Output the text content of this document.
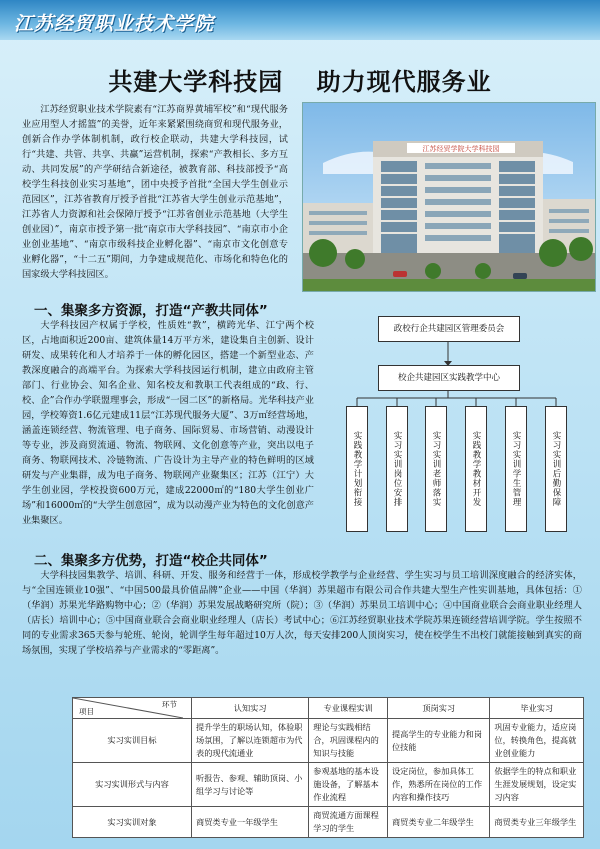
江苏经贸职业技术学院
共建大学科技园 助力现代服务业
江苏经贸职业技术学院素有“江苏商界黄埔军校”和“现代服务业应用型人才摇篮”的美誉，近年来紧紧围绕商贸和现代服务业，创新合作办学体制机制，政行校企联动，共建大学科技园，试行“共建、共管、共享、共赢”运营机制，探索“产教相长、多方互动、共同发展”的产学研结合新途径，被教育部、科技部授予“高校学生科技创业实习基地”，团中央授予首批“全国大学生创业示范园区”，江苏省教育厅授予首批“江苏省大学生创业示范基地”，江苏省人力资源和社会保障厅授予“江苏省创业示范基地（大学生创业园）”，南京市授予第一批“南京市大学科技园”、“南京市小企业创业基地”、“南京市级科技企业孵化器”、“南京市文化创意专业孵化器”，“十二五”期间，力争建成规范化、市场化和特色化的国家级大学科技园区。
江苏经贸学院大学科技园
一、集聚多方资源，打造“产教共同体”
大学科技园产权属于学校，性质姓“教”，横跨光华、江宁两个校区，占地面积近200亩、建筑体量14万平方米，建设集自主创新、设计研发、成果转化和人才培养于一体的孵化园区，搭建一个新型业态、产教深度融合的高端平台。为探索大学科技园运行机制，建立由政府主管部门、行业协会、知名企业、知名校友和教职工代表组成的“政、行、校、企”合作办学联盟理事会，形成“一园二区”的新格局。光华科技产业园，学校筹资1.6亿元建成11层“江苏现代服务大厦”、3万㎡经营场地，涵盖连锁经营、物流管理、电子商务、国际贸易、市场营销、动漫设计等专业，涉及商贸流通、物流、物联网、文化创意等产业，突出以电子商务、物联网技术、冷链物流、广告设计为主导产业的特色鲜明的区域研发与产业集群，成为电子商务、物联网产业聚集区；江苏（江宁）大学生创业园，学校投资600万元，建成22000㎡的“180大学生创业广场”和16000㎡的“大学生创意园”，成为以动漫产业为特色的文化创意产业集聚区。
政校行企共建园区管理委员会
校企共建园区实践教学中心
实践教学计划衔接	实习实训岗位安排	实习实训老师落实	实践教学教材开发	实习实训学生管理	实习实训后勤保障
二、集聚多方优势，打造“校企共同体”
大学科技园集教学、培训、科研、开发、服务和经营于一体，形成校学教学与企业经营、学生实习与员工培训深度融合的经济实体，与“全国连锁业10强”、“中国500最具价值品牌”企业——中国（华润）苏果超市有限公司合作共建大型生产性实训基地，具体包括：①（华润）苏果光华路购物中心；②（华润）苏果发展战略研究所（院）；③（华润）苏果员工培训中心；④中国商业联合会商业职业经理人（店长）培训中心；⑤中国商业联合会商业职业经理人（店长）考试中心；⑥江苏经贸职业技术学院苏果连锁经营培训学院。学生按照不同的专业需求365天参与轮班、轮岗，轮训学生每年超过10万人次，每天安排200人顶岗实习，使在校学生不出校门就能接触到真实的商场氛围，实现了学校培养与产业需求的“零距离”。
环节
项目	认知实习	专业课程实训	顶岗实习	毕业实习
实习实训目标	提升学生的职场认知，体验职场氛围，了解以连锁超市为代表的现代流通业	理论与实践相结合，巩固课程内的知识与技能	提高学生的专业能力和岗位技能	巩固专业能力，适应岗位，转换角色，提高就业创业能力
实习实训形式与内容	听报告、参观、辅助顶岗、小组学习与讨论等	参观基地的基本设施设备，了解基本作业流程	设定岗位，参加具体工作，熟悉所在岗位的工作内容和操作技巧	依据学生的特点和职业生涯发展规划，设定实习内容
实习实训对象	商贸类专业一年级学生	商贸流通方面课程学习的学生	商贸类专业二年级学生	商贸类专业三年级学生
